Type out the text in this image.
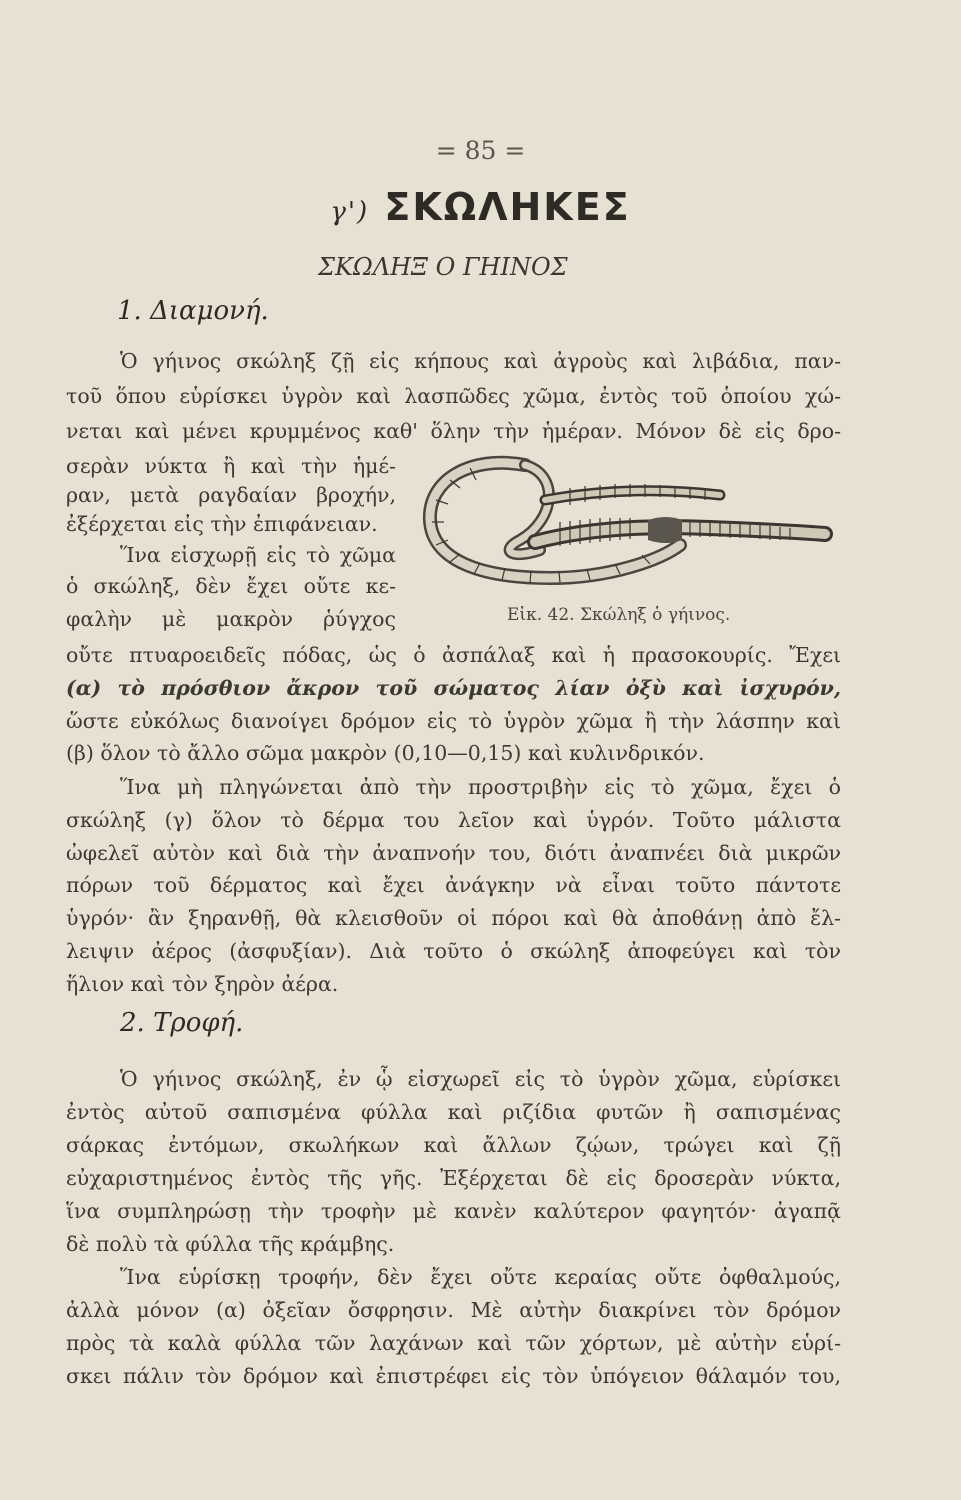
= 85 =
γ') ΣΚΩΛΗΚΕΣ
ΣΚΩΛΗΞ Ο ΓΗΙΝΟΣ
1. Διαμονή.
Ὁ γήινος σκώληξ ζῇ εἰς κήπους καὶ ἀγροὺς καὶ λιβάδια, παν-
τοῦ ὅπου εὑρίσκει ὑγρὸν καὶ λασπῶδες χῶμα, ἐντὸς τοῦ ὁποίου χώ-
νεται καὶ μένει κρυμμένος καθ' ὅλην τὴν ἡμέραν. Μόνον δὲ εἰς δρο-
σερὰν νύκτα ἢ καὶ τὴν ἡμέ-
ραν, μετὰ ραγδαίαν βροχήν,
ἐξέρχεται εἰς τὴν ἐπιφάνειαν.
Ἵνα εἰσχωρῇ εἰς τὸ χῶμα
ὁ σκώληξ, δὲν ἔχει οὔτε κε-
φαλὴν μὲ μακρὸν ῥύγχος	Εἰκ. 42. Σκώληξ ὁ γήινος.
οὔτε πτυαροειδεῖς πόδας, ὡς ὁ ἀσπάλαξ καὶ ἡ πρασοκουρίς. Ἔχει
(α) τὸ πρόσθιον ἄκρον τοῦ σώματος λίαν ὀξὺ καὶ ἰσχυρόν,
ὥστε εὐκόλως διανοίγει δρόμον εἰς τὸ ὑγρὸν χῶμα ἢ τὴν λάσπην καὶ
(β) ὅλον τὸ ἄλλο σῶμα μακρὸν (0,10—0,15) καὶ κυλινδρικόν.
Ἵνα μὴ πληγώνεται ἀπὸ τὴν προστριβὴν εἰς τὸ χῶμα, ἔχει ὁ
σκώληξ (γ) ὅλον τὸ δέρμα του λεῖον καὶ ὑγρόν. Τοῦτο μάλιστα
ὠφελεῖ αὐτὸν καὶ διὰ τὴν ἀναπνοήν του, διότι ἀναπνέει διὰ μικρῶν
πόρων τοῦ δέρματος καὶ ἔχει ἀνάγκην νὰ εἶναι τοῦτο πάντοτε
ὑγρόν· ἂν ξηρανθῇ, θὰ κλεισθοῦν οἱ πόροι καὶ θὰ ἀποθάνῃ ἀπὸ ἔλ-
λειψιν ἀέρος (ἀσφυξίαν). Διὰ τοῦτο ὁ σκώληξ ἀποφεύγει καὶ τὸν
ἥλιον καὶ τὸν ξηρὸν ἀέρα.
2. Τροφή.
Ὁ γήινος σκώληξ, ἐν ᾧ εἰσχωρεῖ εἰς τὸ ὑγρὸν χῶμα, εὑρίσκει
ἐντὸς αὐτοῦ σαπισμένα φύλλα καὶ ριζίδια φυτῶν ἢ σαπισμένας
σάρκας ἐντόμων, σκωλήκων καὶ ἄλλων ζῴων, τρώγει καὶ ζῇ
εὐχαριστημένος ἐντὸς τῆς γῆς. Ἐξέρχεται δὲ εἰς δροσερὰν νύκτα,
ἵνα συμπληρώσῃ τὴν τροφὴν μὲ κανὲν καλύτερον φαγητόν· ἀγαπᾷ
δὲ πολὺ τὰ φύλλα τῆς κράμβης.
Ἵνα εὑρίσκῃ τροφήν, δὲν ἔχει οὔτε κεραίας οὔτε ὀφθαλμούς,
ἀλλὰ μόνον (α) ὀξεῖαν ὄσφρησιν. Μὲ αὐτὴν διακρίνει τὸν δρόμον
πρὸς τὰ καλὰ φύλλα τῶν λαχάνων καὶ τῶν χόρτων, μὲ αὐτὴν εὑρί-
σκει πάλιν τὸν δρόμον καὶ ἐπιστρέφει εἰς τὸν ὑπόγειον θάλαμόν του,
